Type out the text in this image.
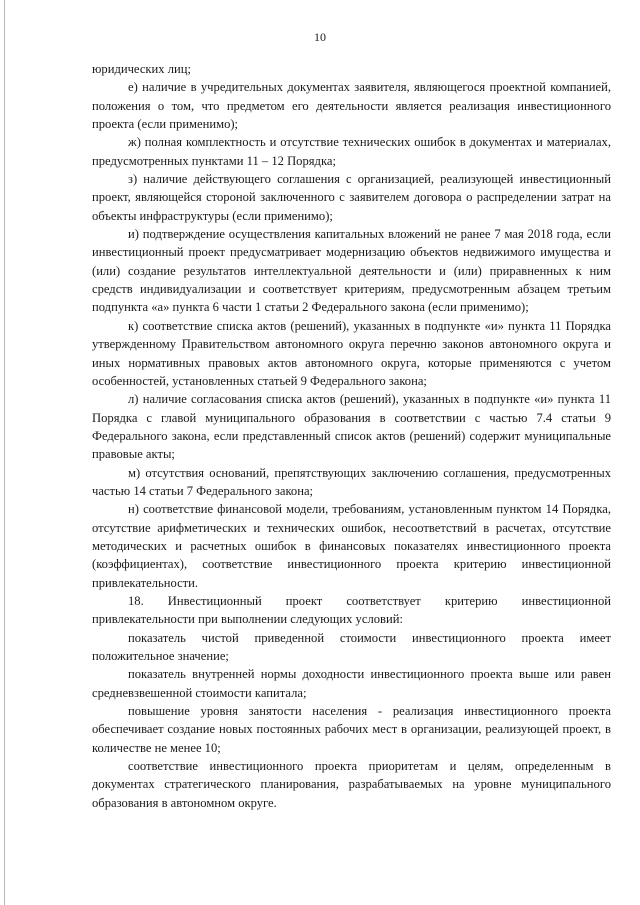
10

юридических лиц;

е) наличие в учредительных документах заявителя, являющегося проектной компанией, положения о том, что предметом его деятельности является реализация инвестиционного проекта (если применимо);

ж) полная комплектность и отсутствие технических ошибок в документах и материалах, предусмотренных пунктами 11 – 12 Порядка;

з) наличие действующего соглашения с организацией, реализующей инвестиционный проект, являющейся стороной заключенного с заявителем договора о распределении затрат на объекты инфраструктуры (если применимо);

и) подтверждение осуществления капитальных вложений не ранее 7 мая 2018 года, если инвестиционный проект предусматривает модернизацию объектов недвижимого имущества и (или) создание результатов интеллектуальной деятельности и (или) приравненных к ним средств индивидуализации и соответствует критериям, предусмотренным абзацем третьим подпункта «а» пункта 6 части 1 статьи 2 Федерального закона (если применимо);

к) соответствие списка актов (решений), указанных в подпункте «и» пункта 11 Порядка утвержденному Правительством автономного округа перечню законов автономного округа и иных нормативных правовых актов автономного округа, которые применяются с учетом особенностей, установленных статьей 9 Федерального закона;

л) наличие согласования списка актов (решений), указанных в подпункте «и» пункта 11 Порядка с главой муниципального образования в соответствии с частью 7.4 статьи 9 Федерального закона, если представленный список актов (решений) содержит муниципальные правовые акты;

м) отсутствия оснований, препятствующих заключению соглашения, предусмотренных частью 14 статьи 7 Федерального закона;

н) соответствие финансовой модели, требованиям, установленным пунктом 14 Порядка, отсутствие арифметических и технических ошибок, несоответствий в расчетах, отсутствие методических и расчетных ошибок в финансовых показателях инвестиционного проекта (коэффициентах), соответствие инвестиционного проекта критерию инвестиционной привлекательности.

18. Инвестиционный проект соответствует критерию инвестиционной привлекательности при выполнении следующих условий:

показатель чистой приведенной стоимости инвестиционного проекта имеет положительное значение;

показатель внутренней нормы доходности инвестиционного проекта выше или равен средневзвешенной стоимости капитала;

повышение уровня занятости населения - реализация инвестиционного проекта обеспечивает создание новых постоянных рабочих мест в организации, реализующей проект, в количестве не менее 10;

соответствие инвестиционного проекта приоритетам и целям, определенным в документах стратегического планирования, разрабатываемых на уровне муниципального образования в автономном округе.
